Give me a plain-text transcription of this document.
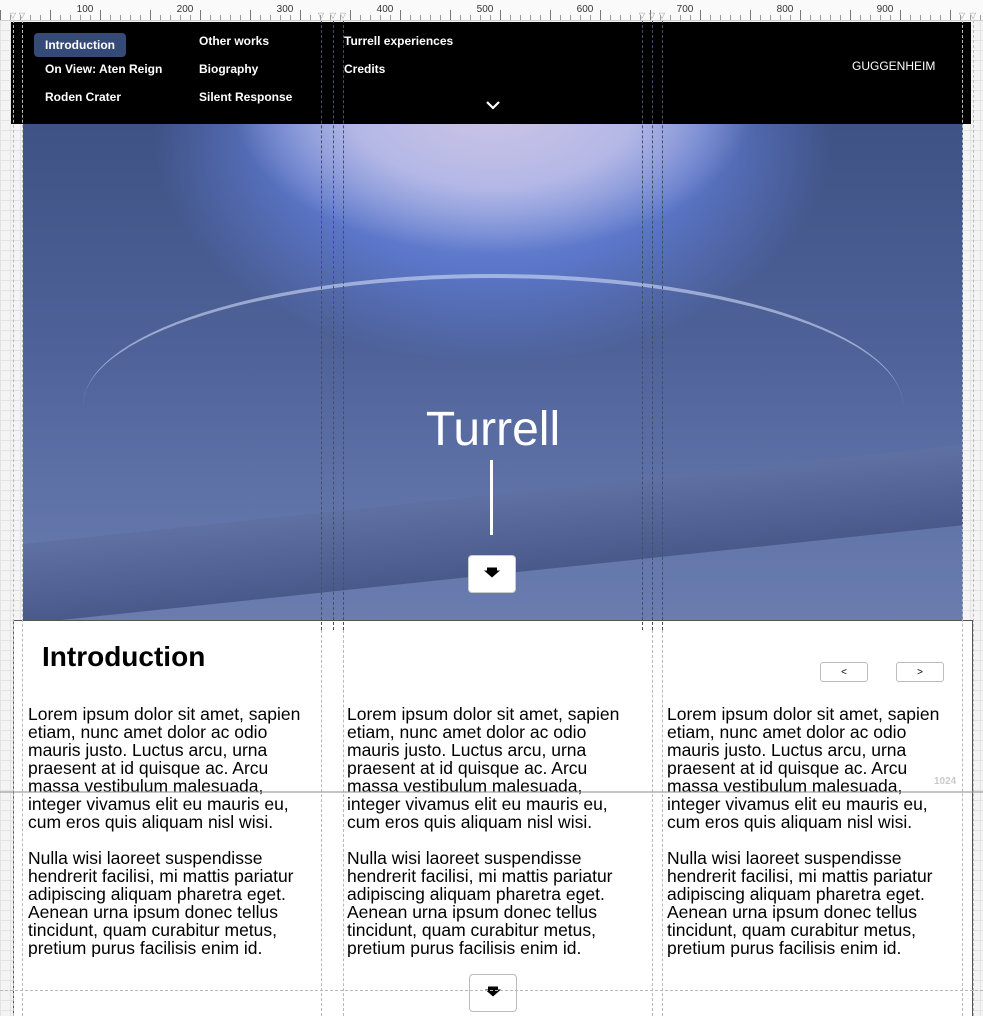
100	200	300	400	500	600	700	800	900
▽ ▽	▽ ▽ ▽	▽ ▽ ▽	▽ ▽
Introduction
On View: Aten Reign
Roden Crater
Other works
Biography
Silent Response
Turrell experiences
Credits	GUGGENHEIM
Turrell
Introduction
<	>

Lorem ipsum dolor sit amet, sapien etiam, nunc amet dolor ac odio mauris justo. Luctus arcu, urna praesent at id quisque ac. Arcu massa vestibulum malesuada, integer vivamus elit eu mauris eu, cum eros quis aliquam nisl wisi.

Nulla wisi laoreet suspendisse hendrerit facilisi, mi mattis pariatur adipiscing aliquam pharetra eget. Aenean urna ipsum donec tellus tincidunt, quam curabitur metus, pretium purus facilisis enim id.

Lorem ipsum dolor sit amet, sapien etiam, nunc amet dolor ac odio mauris justo. Luctus arcu, urna praesent at id quisque ac. Arcu massa vestibulum malesuada, integer vivamus elit eu mauris eu, cum eros quis aliquam nisl wisi.

Nulla wisi laoreet suspendisse hendrerit facilisi, mi mattis pariatur adipiscing aliquam pharetra eget. Aenean urna ipsum donec tellus tincidunt, quam curabitur metus, pretium purus facilisis enim id.

Lorem ipsum dolor sit amet, sapien etiam, nunc amet dolor ac odio mauris justo. Luctus arcu, urna praesent at id quisque ac. Arcu massa vestibulum malesuada, integer vivamus elit eu mauris eu, cum eros quis aliquam nisl wisi.

Nulla wisi laoreet suspendisse hendrerit facilisi, mi mattis pariatur adipiscing aliquam pharetra eget. Aenean urna ipsum donec tellus tincidunt, quam curabitur metus, pretium purus facilisis enim id.

1024
